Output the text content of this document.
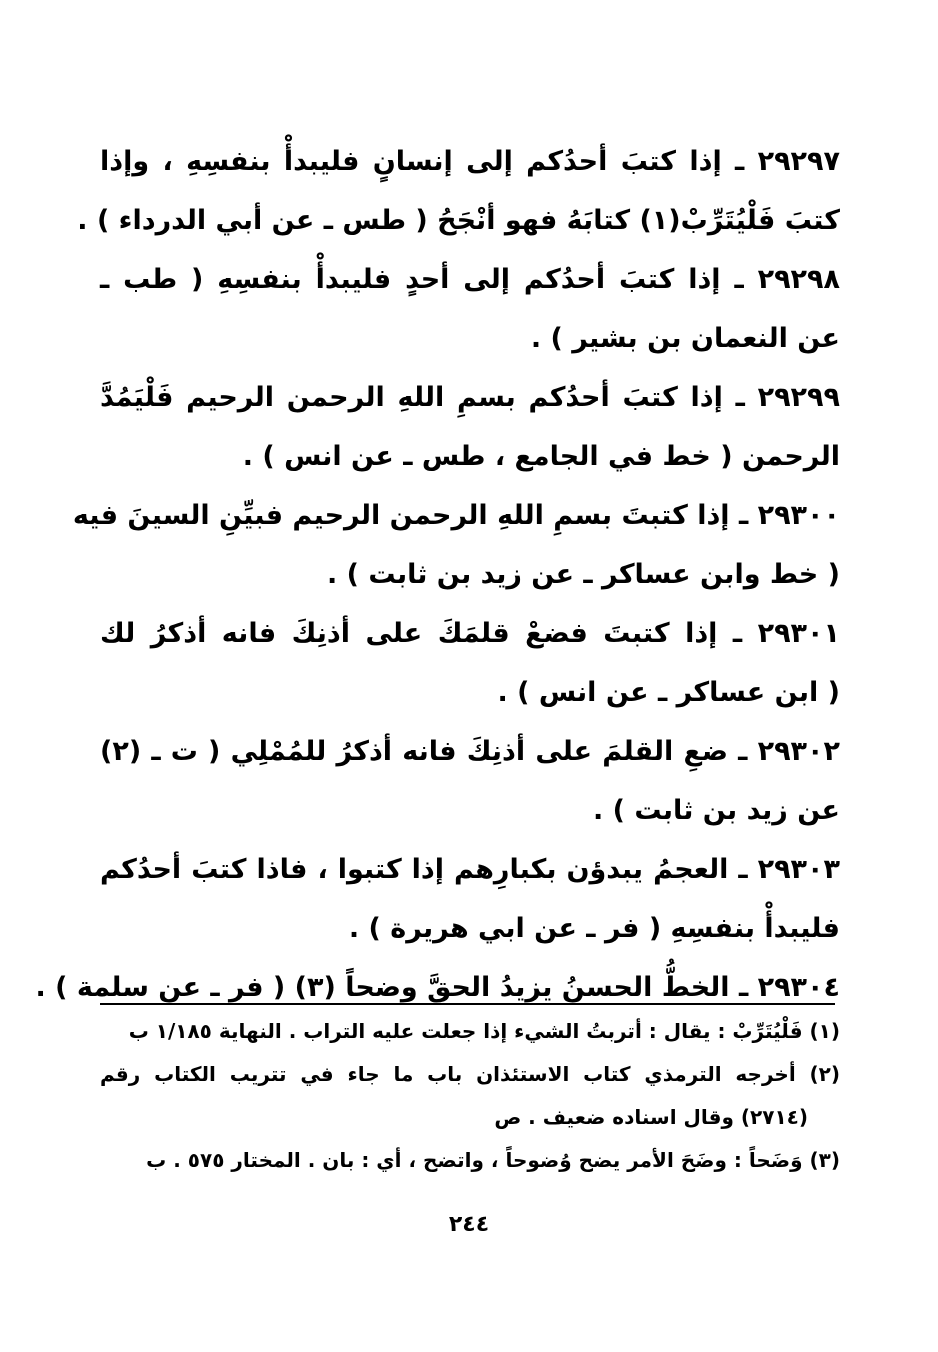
٢٩٢٩٧ ـ إذا كتبَ أحدُكم إلى إنسانٍ فليبدأْ بنفسِهِ ، وإذا
كتبَ فَلْيُتَرِّبْ(١) كتابَهُ فهو أنْجَحُ ( طس ـ عن أبي الدرداء ) .
٢٩٢٩٨ ـ إذا كتبَ أحدُكم إلى أحدٍ فليبدأْ بنفسِهِ ( طب ـ
عن النعمان بن بشير ) .
٢٩٢٩٩ ـ إذا كتبَ أحدُكم بسمِ اللهِ الرحمن الرحيم فَلْيَمُدَّ
الرحمن ( خط في الجامع ، طس ـ عن انس ) .
٢٩٣٠٠ ـ إذا كتبتَ بسمِ اللهِ الرحمن الرحيم فبيِّنِ السينَ فيه
( خط وابن عساكر ـ عن زيد بن ثابت ) .
٢٩٣٠١ ـ إذا كتبتَ فضعْ قلمَكَ على أذنِكَ فانه أذكرُ لك
( ابن عساكر ـ عن انس ) .
٢٩٣٠٢ ـ ضعِ القلمَ على أذنِكَ فانه أذكرُ للمُمْلِي ( ت ـ (٢)
عن زيد بن ثابت ) .
٢٩٣٠٣ ـ العجمُ يبدؤن بكبارِهم إذا كتبوا ، فاذا كتبَ أحدُكم
فليبدأْ بنفسِهِ ( فر ـ عن ابي هريرة ) .
٢٩٣٠٤ ـ الخطُّ الحسنُ يزيدُ الحقَّ وضحاً (٣) ( فر ـ عن سلمة ) .
(١) فَلْيُتَرِّبْ : يقال : أتربتُ الشيء إذا جعلت عليه التراب . النهاية ١/١٨٥ ب
(٢) أخرجه الترمذي كتاب الاستئذان باب ما جاء في تتريب الكتاب رقم
(٢٧١٤) وقال اسناده ضعيف . ص
(٣) وَضَحاً : وضَحَ الأمر يضح وُضوحاً ، واتضح ، أي : بان . المختار ٥٧٥ . ب
٢٤٤
